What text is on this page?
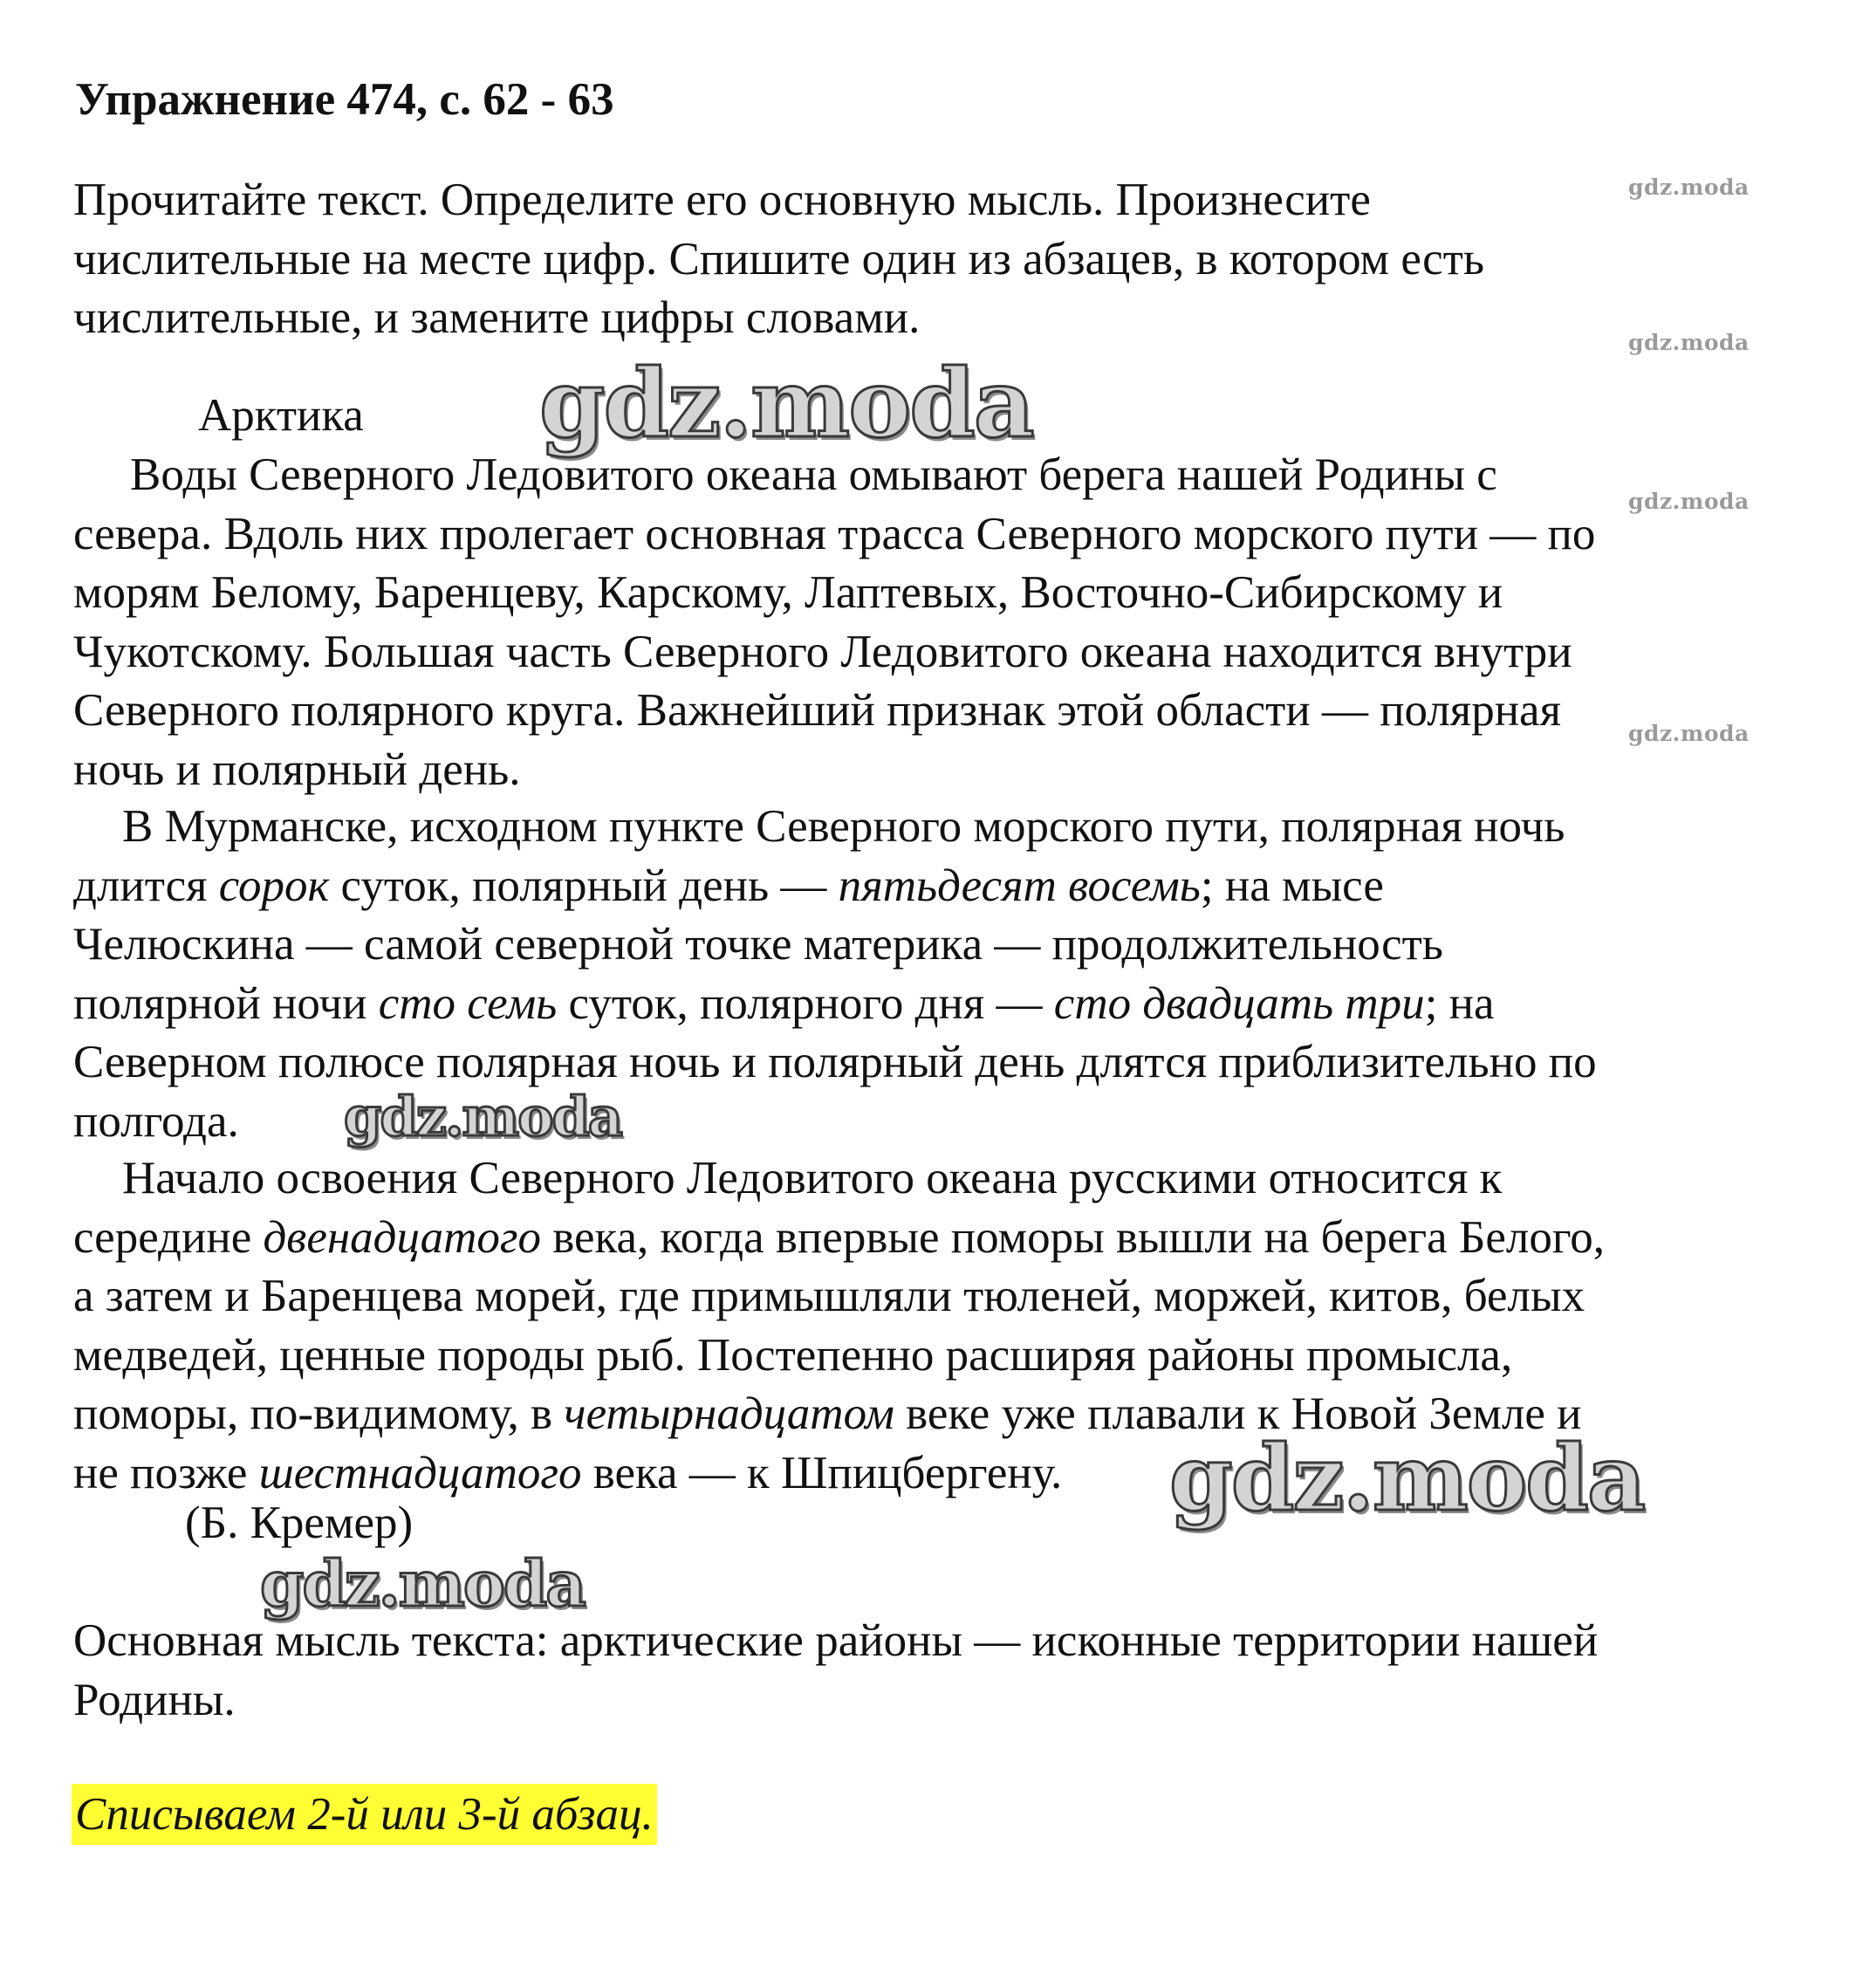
Упражнение 474, с. 62 - 63
Прочитайте текст. Определите его основную мысль. Произнесите
числительные на месте цифр. Спишите один из абзацев, в котором есть
числительные, и замените цифры словами.
Арктика
Воды Северного Ледовитого океана омывают берега нашей Родины с
севера. Вдоль них пролегает основная трасса Северного морского пути — по
морям Белому, Баренцеву, Карскому, Лаптевых, Восточно-Сибирскому и
Чукотскому. Большая часть Северного Ледовитого океана находится внутри
Северного полярного круга. Важнейший признак этой области — полярная
ночь и полярный день.
В Мурманске, исходном пункте Северного морского пути, полярная ночь
длится сорок суток, полярный день — пятьдесят восемь; на мысе
Челюскина — самой северной точке материка — продолжительность
полярной ночи сто семь суток, полярного дня — сто двадцать три; на
Северном полюсе полярная ночь и полярный день длятся приблизительно по
полгода.
Начало освоения Северного Ледовитого океана русскими относится к
середине двенадцатого века, когда впервые поморы вышли на берега Белого,
а затем и Баренцева морей, где примышляли тюленей, моржей, китов, белых
медведей, ценные породы рыб. Постепенно расширяя районы промысла,
поморы, по-видимому, в четырнадцатом веке уже плавали к Новой Земле и
не позже шестнадцатого века — к Шпицбергену.
(Б. Кремер)
Основная мысль текста: арктические районы — исконные территории нашей
Родины.
Списываем 2-й или 3-й абзац.
gdz.moda
gdz.moda
gdz.moda
gdz.moda
gdz.moda
gdz.moda
gdz.moda
gdz.moda
